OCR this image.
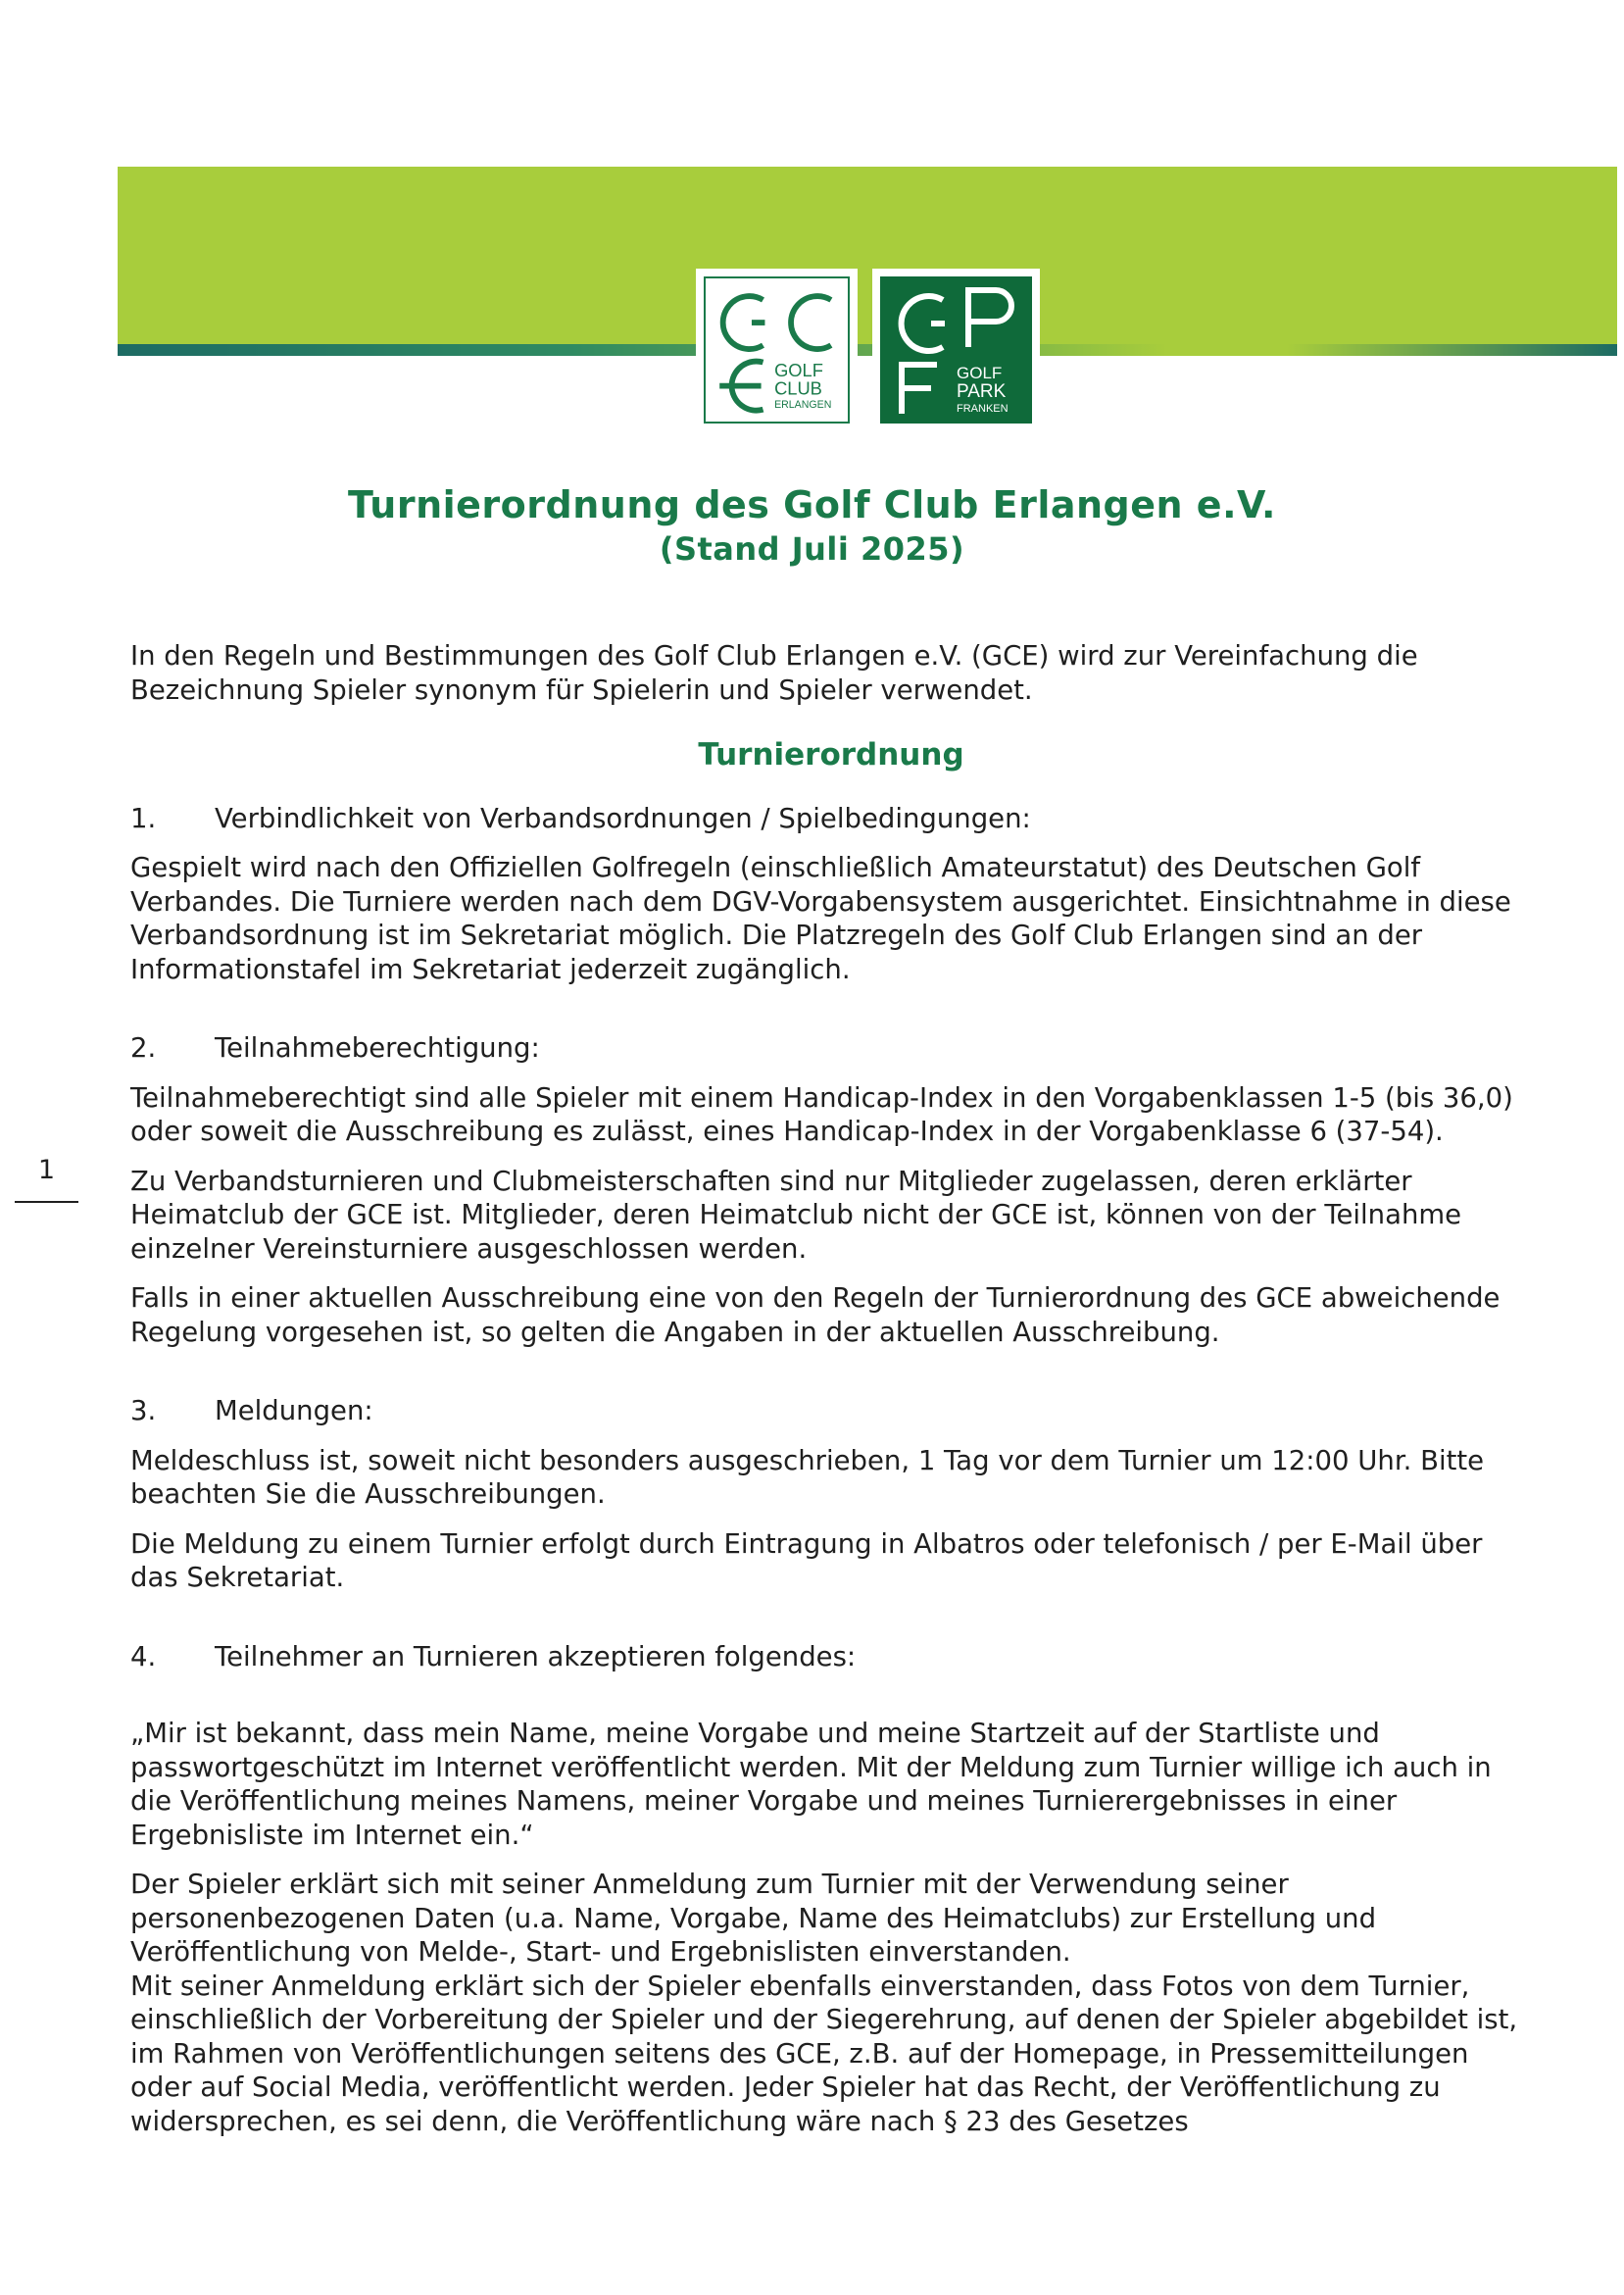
GOLF
CLUB
ERLANGEN
GOLF
PARK
FRANKEN
Turnierordnung des Golf Club Erlangen e.V.

(Stand Juli 2025)

1

In den Regeln und Bestimmungen des Golf Club Erlangen e.V. (GCE) wird zur Vereinfachung die Bezeichnung Spieler synonym für Spielerin und Spieler verwendet.

Turnierordnung
1.	Verbindlichkeit von Verbandsordnungen / Spielbedingungen:

Gespielt wird nach den Offiziellen Golfregeln (einschließlich Amateurstatut) des Deutschen Golf Verbandes. Die Turniere werden nach dem DGV-Vorgabensystem ausgerichtet. Einsichtnahme in diese Verbandsordnung ist im Sekretariat möglich. Die Platzregeln des Golf Club Erlangen sind an der Informationstafel im Sekretariat jederzeit zugänglich.

2.	Teilnahmeberechtigung:

Teilnahmeberechtigt sind alle Spieler mit einem Handicap-Index in den Vorgabenklassen 1-5 (bis 36,0) oder soweit die Ausschreibung es zulässt, eines Handicap-Index in der Vorgabenklasse 6 (37-54).

Zu Verbandsturnieren und Clubmeisterschaften sind nur Mitglieder zugelassen, deren erklärter Heimatclub der GCE ist. Mitglieder, deren Heimatclub nicht der GCE ist, können von der Teilnahme einzelner Vereinsturniere ausgeschlossen werden.

Falls in einer aktuellen Ausschreibung eine von den Regeln der Turnierordnung des GCE abweichende Regelung vorgesehen ist, so gelten die Angaben in der aktuellen Ausschreibung.

3.	Meldungen:

Meldeschluss ist, soweit nicht besonders ausgeschrieben, 1 Tag vor dem Turnier um 12:00 Uhr. Bitte beachten Sie die Ausschreibungen.

Die Meldung zu einem Turnier erfolgt durch Eintragung in Albatros oder telefonisch / per E-Mail über das Sekretariat.

4.	Teilnehmer an Turnieren akzeptieren folgendes:

„Mir ist bekannt, dass mein Name, meine Vorgabe und meine Startzeit auf der Startliste und passwortgeschützt im Internet veröffentlicht werden. Mit der Meldung zum Turnier willige ich auch in die Veröffentlichung meines Namens, meiner Vorgabe und meines Turnierergebnisses in einer Ergebnisliste im Internet ein.“

Der Spieler erklärt sich mit seiner Anmeldung zum Turnier mit der Verwendung seiner personenbezogenen Daten (u.a. Name, Vorgabe, Name des Heimatclubs) zur Erstellung und Veröffentlichung von Melde-, Start- und Ergebnislisten einverstanden.

Mit seiner Anmeldung erklärt sich der Spieler ebenfalls einverstanden, dass Fotos von dem Turnier, einschließlich der Vorbereitung der Spieler und der Siegerehrung, auf denen der Spieler abgebildet ist, im Rahmen von Veröffentlichungen seitens des GCE, z.B. auf der Homepage, in Pressemitteilungen oder auf Social Media, veröffentlicht werden. Jeder Spieler hat das Recht, der Veröffentlichung zu widersprechen, es sei denn, die Veröffentlichung wäre nach § 23 des Gesetzes
